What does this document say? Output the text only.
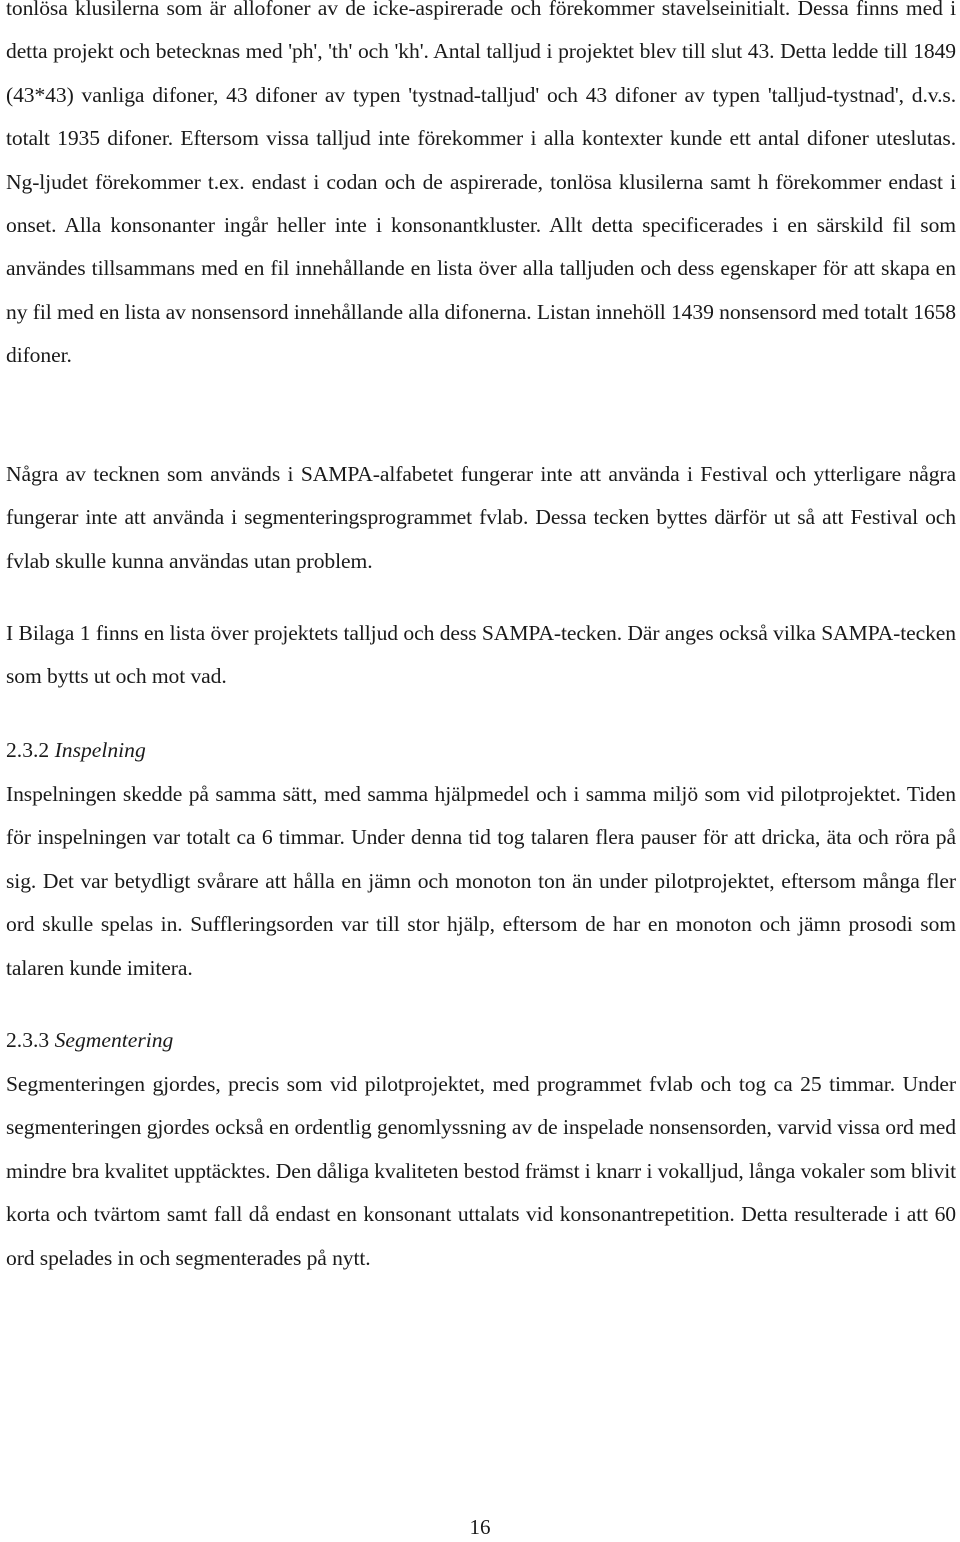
tonlösa klusilerna som är allofoner av de icke-aspirerade och förekommer stavelseinitialt. Dessa finns med i detta projekt och betecknas med 'ph', 'th' och 'kh'. Antal talljud i projektet blev till slut 43. Detta ledde till 1849 (43*43) vanliga difoner, 43 difoner av typen 'tystnad-talljud' och 43 difoner av typen 'talljud-tystnad', d.v.s. totalt 1935 difoner. Eftersom vissa talljud inte förekommer i alla kontexter kunde ett antal difoner uteslutas. Ng-ljudet förekommer t.ex. endast i codan och de aspirerade, tonlösa klusilerna samt h förekommer endast i onset. Alla konsonanter ingår heller inte i konsonantkluster. Allt detta specificerades i en särskild fil som användes tillsammans med en fil innehållande en lista över alla talljuden och dess egenskaper för att skapa en ny fil med en lista av nonsensord innehållande alla difonerna. Listan innehöll 1439 nonsensord med totalt 1658 difoner.

Några av tecknen som används i SAMPA-alfabetet fungerar inte att använda i Festival och ytterligare några fungerar inte att använda i segmenteringsprogrammet fvlab. Dessa tecken byttes därför ut så att Festival och fvlab skulle kunna användas utan problem.

I Bilaga 1 finns en lista över projektets talljud och dess SAMPA-tecken. Där anges också vilka SAMPA-tecken som bytts ut och mot vad.

2.3.2 Inspelning

Inspelningen skedde på samma sätt, med samma hjälpmedel och i samma miljö som vid pilotprojektet. Tiden för inspelningen var totalt ca 6 timmar. Under denna tid tog talaren flera pauser för att dricka, äta och röra på sig. Det var betydligt svårare att hålla en jämn och monoton ton än under pilotprojektet, eftersom många fler ord skulle spelas in. Suffleringsorden var till stor hjälp, eftersom de har en monoton och jämn prosodi som talaren kunde imitera.

2.3.3 Segmentering

Segmenteringen gjordes, precis som vid pilotprojektet, med programmet fvlab och tog ca 25 timmar. Under segmenteringen gjordes också en ordentlig genomlyssning av de inspelade nonsensorden, varvid vissa ord med mindre bra kvalitet upptäcktes. Den dåliga kvaliteten bestod främst i knarr i vokalljud, långa vokaler som blivit korta och tvärtom samt fall då endast en konsonant uttalats vid konsonantrepetition. Detta resulterade i att 60 ord spelades in och segmenterades på nytt.

16
